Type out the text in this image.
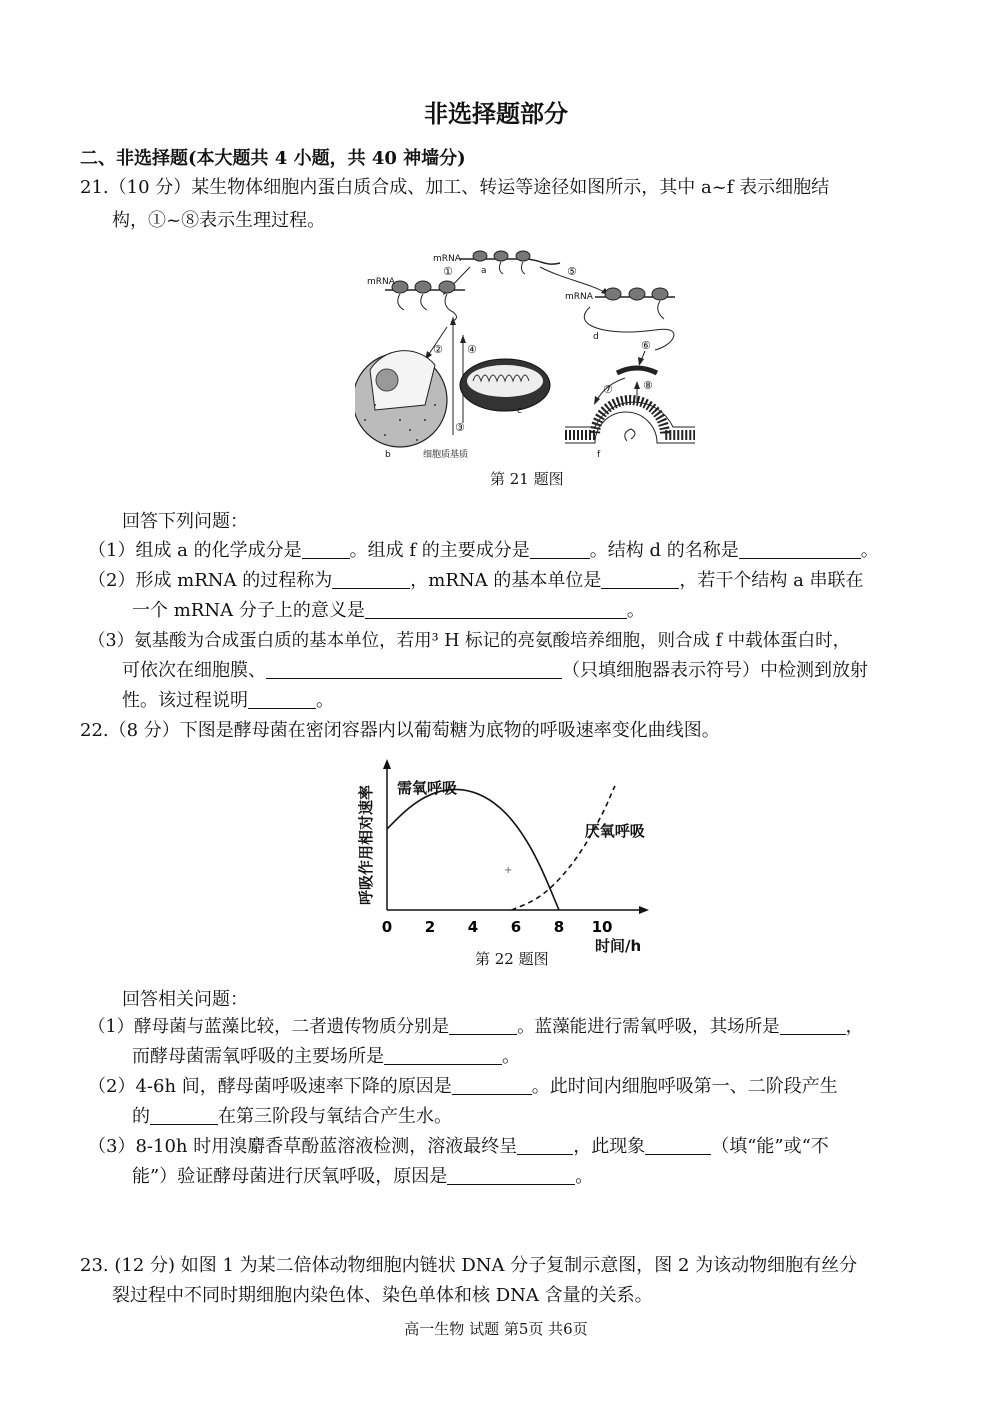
非选择题部分
二、非选择题(本大题共 4 小题，共 40 神墙分)
21.（10 分）某生物体细胞内蛋白质合成、加工、转运等途径如图所示，其中 a~f 表示细胞结
构，①~⑧表示生理过程。
mRNA
mRNA
mRNA
a
b
c
d
f
细胞质基质
①
②
③
④
⑤
⑥
⑦	⑧
第 21 题图
回答下列问题：
（1）组成 a 的化学成分是	。组成 f 的主要成分是	。结构 d 的名称是	。
（2）形成 mRNA 的过程称为	，mRNA 的基本单位是	，若干个结构 a 串联在
一个 mRNA 分子上的意义是	。
（3）氨基酸为合成蛋白质的基本单位，若用³ H 标记的亮氨酸培养细胞，则合成 f 中载体蛋白时，
可依次在细胞膜、	（只填细胞器表示符号）中检测到放射
性。该过程说明	。
22.（8 分）下图是酵母菌在密闭容器内以葡萄糖为底物的呼吸速率变化曲线图。
呼吸作用相对速率
0 2 4 6 8 10
需氧呼吸
厌氧呼吸
+
时间/h
第 22 题图
回答相关问题：
（1）酵母菌与蓝藻比较，二者遗传物质分别是	。蓝藻能进行需氧呼吸，其场所是	，
而酵母菌需氧呼吸的主要场所是	。
（2）4-6h 间，酵母菌呼吸速率下降的原因是	。此时间内细胞呼吸第一、二阶段产生
的	在第三阶段与氧结合产生水。
（3）8-10h 时用溴麝香草酚蓝溶液检测，溶液最终呈	，此现象	（填“能”或“不
能”）验证酵母菌进行厌氧呼吸，原因是	。
23. (12 分) 如图 1 为某二倍体动物细胞内链状 DNA 分子复制示意图，图 2 为该动物细胞有丝分
裂过程中不同时期细胞内染色体、染色单体和核 DNA 含量的关系。
高一生物 试题 第5页 共6页
